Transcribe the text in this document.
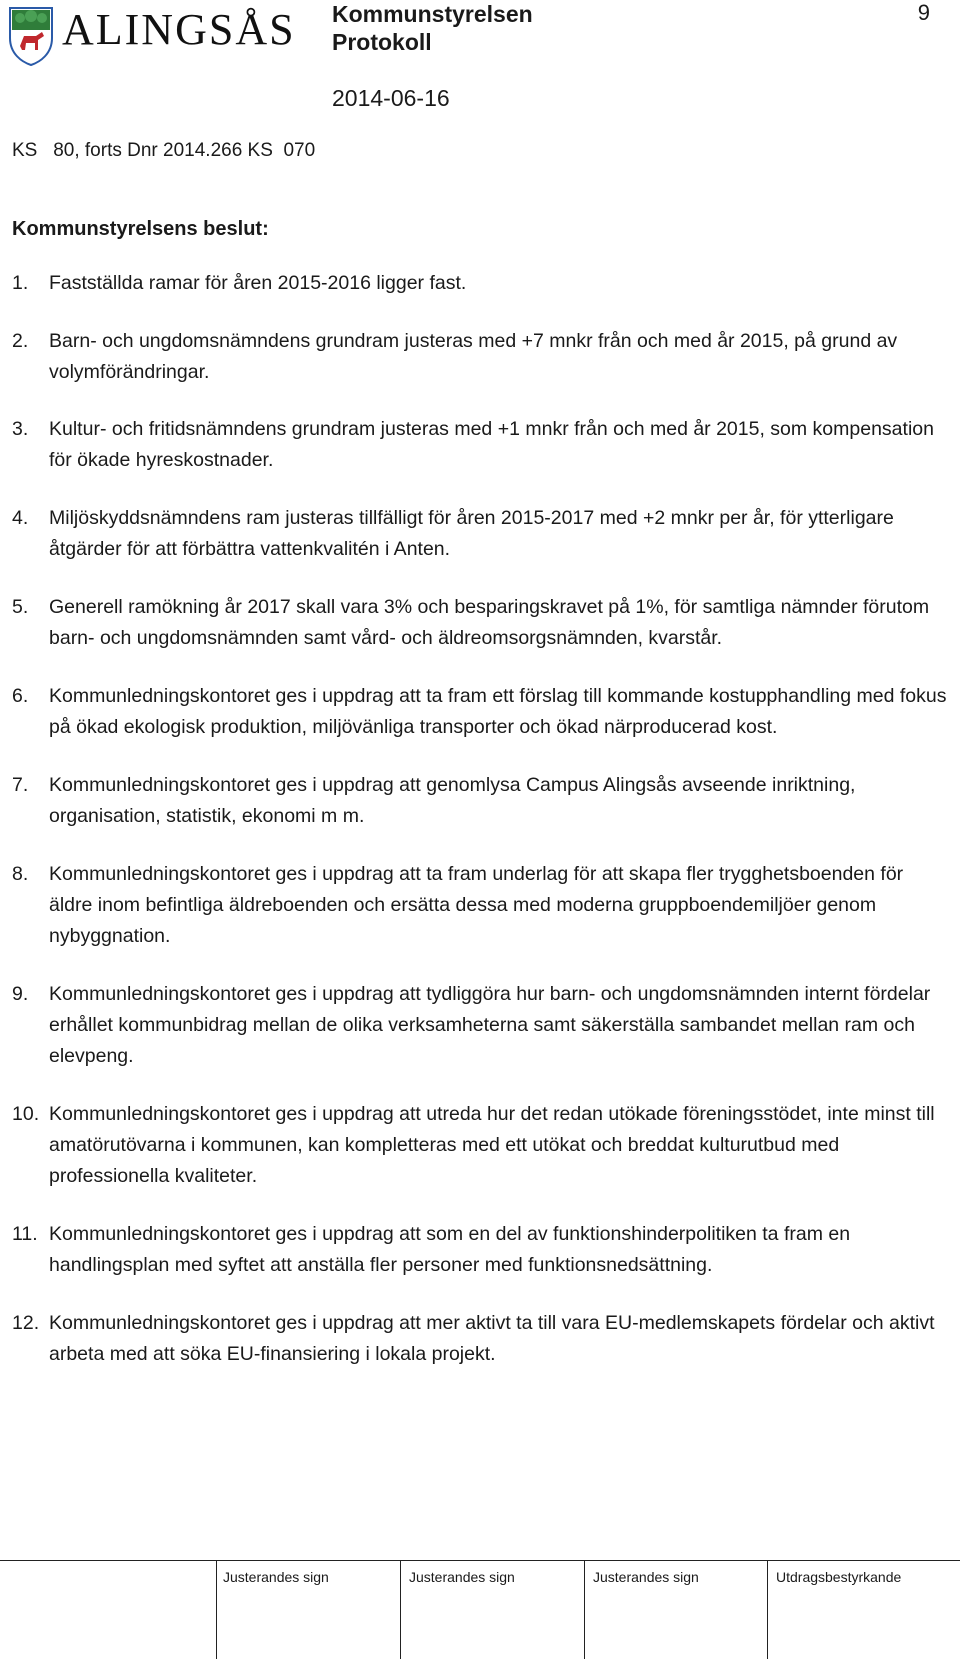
ALINGSÅS Kommunstyrelsen
Protokoll
2014-06-16
9
KS 80, forts Dnr 2014.266 KS  070
Kommunstyrelsens beslut:
1. Fastställda ramar för åren 2015-2016 ligger fast.
2. Barn- och ungdomsnämndens grundram justeras med +7 mnkr från och med år 2015, på grund av volymförändringar.
3. Kultur- och fritidsnämndens grundram justeras med +1 mnkr från och med år 2015, som kompensation för ökade hyreskostnader.
4. Miljöskyddsnämndens ram justeras tillfälligt för åren 2015-2017 med +2 mnkr per år, för ytterligare åtgärder för att förbättra vattenkvalitén i Anten.
5. Generell ramökning år 2017 skall vara 3% och besparingskravet på 1%, för samtliga nämnder förutom barn- och ungdomsnämnden samt vård- och äldreomsorgsnämnden, kvarstår.
6. Kommunledningskontoret ges i uppdrag att ta fram ett förslag till kommande kostupphandling med fokus på ökad ekologisk produktion, miljövänliga transporter och ökad närproducerad kost.
7. Kommunledningskontoret ges i uppdrag att genomlysa Campus Alingsås avseende inriktning, organisation, statistik, ekonomi m m.
8. Kommunledningskontoret ges i uppdrag att ta fram underlag för att skapa fler trygghetsboenden för äldre inom befintliga äldreboenden och ersätta dessa med moderna gruppboendemiljöer genom nybyggnation.
9. Kommunledningskontoret ges i uppdrag att tydliggöra hur barn- och ungdomsnämnden internt fördelar erhållet kommunbidrag mellan de olika verksamheterna samt säkerställa sambandet mellan ram och elevpeng.
10. Kommunledningskontoret ges i uppdrag att utreda hur det redan utökade föreningsstödet, inte minst till amatörutövarna i kommunen, kan kompletteras med ett utökat och breddat kulturutbud med professionella kvaliteter.
11. Kommunledningskontoret ges i uppdrag att som en del av funktionshinderpolitiken ta fram en handlingsplan med syftet att anställa fler personer med funktionsnedsättning.
12. Kommunledningskontoret ges i uppdrag att mer aktivt ta till vara EU-medlemskapets fördelar och aktivt arbeta med att söka EU-finansiering i lokala projekt.
Justerandes sign	Justerandes sign	Justerandes sign	Utdragsbestyrkande
